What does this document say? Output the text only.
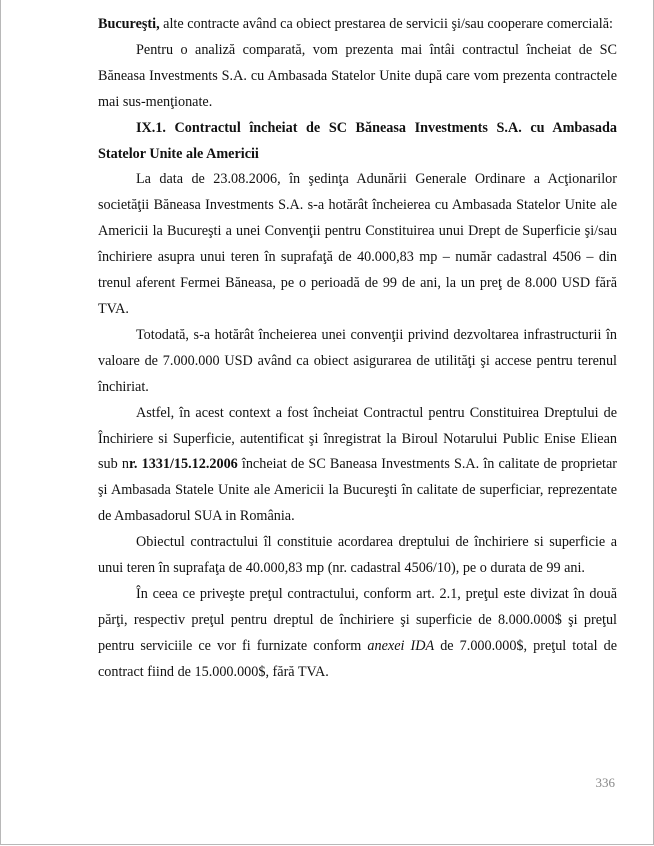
Bucureşti, alte contracte având ca obiect prestarea de servicii şi/sau cooperare comercială:

Pentru o analiză comparată, vom prezenta mai întâi contractul încheiat de SC Băneasa Investments S.A. cu Ambasada Statelor Unite după care vom prezenta contractele mai sus-menţionate.

IX.1. Contractul încheiat de SC Băneasa Investments S.A. cu Ambasada Statelor Unite ale Americii

La data de 23.08.2006, în şedinţa Adunării Generale Ordinare a Acţionarilor societăţii Băneasa Investments S.A. s-a hotărât încheierea cu Ambasada Statelor Unite ale Americii la Bucureşti a unei Convenţii pentru Constituirea unui Drept de Superficie şi/sau închiriere asupra unui teren în suprafaţă de 40.000,83 mp – număr cadastral 4506 – din trenul aferent Fermei Băneasa, pe o perioadă de 99 de ani, la un preţ de 8.000 USD fără TVA.

Totodată, s-a hotărât încheierea unei convenţii privind dezvoltarea infrastructurii în valoare de 7.000.000 USD având ca obiect asigurarea de utilităţi şi accese pentru terenul închiriat.

Astfel, în acest context a fost încheiat Contractul pentru Constituirea Dreptului de Închiriere si Superficie, autentificat şi înregistrat la Biroul Notarului Public Enise Eliean sub nr. 1331/15.12.2006 încheiat de SC Baneasa Investments S.A. în calitate de proprietar şi Ambasada Statele Unite ale Americii la Bucureşti în calitate de superficiar, reprezentate de Ambasadorul SUA in România.

Obiectul contractului îl constituie acordarea dreptului de închiriere si superficie a unui teren în suprafaţa de 40.000,83 mp (nr. cadastral 4506/10), pe o durata de 99 ani.

În ceea ce priveşte preţul contractului, conform art. 2.1, preţul este divizat în două părţi, respectiv preţul pentru dreptul de închiriere şi superficie de 8.000.000$ şi preţul pentru serviciile ce vor fi furnizate conform anexei IDA de 7.000.000$, preţul total de contract fiind de 15.000.000$, fără TVA.

336
